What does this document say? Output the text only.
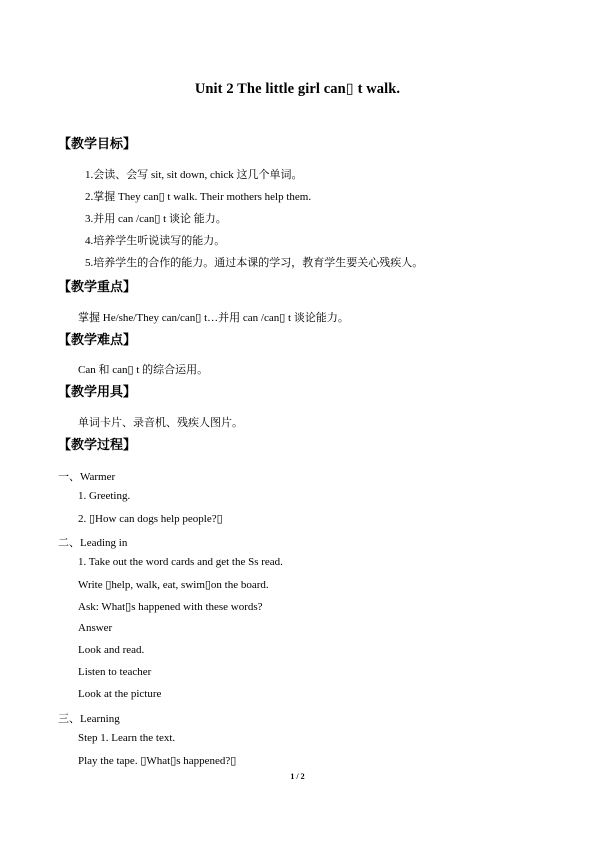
Unit 2 The little girl can▯ t walk.
【教学目标】
1.会读、会写 sit, sit down, chick 这几个单词。
2.掌握 They can▯ t walk. Their mothers help them.
3.并用 can /can▯ t 谈论 能力。
4.培养学生听说读写的能力。
5.培养学生的合作的能力。通过本课的学习，教育学生要关心残疾人。
【教学重点】
掌握 He/she/They can/can▯ t…并用 can /can▯ t 谈论能力。
【教学难点】
Can 和 can▯ t 的综合运用。
【教学用具】
单词卡片、录音机、残疾人图片。
【教学过程】
一、Warmer
1. Greeting.
2. ▯How can dogs help people?▯
二、Leading in
1. Take out the word cards and get the Ss read.
Write ▯help, walk, eat, swim▯on the board.
Ask: What▯s happened with these words?
Answer
Look and read.
Listen to teacher
Look at the picture
三、Learning
Step 1. Learn the text.
Play the tape. ▯What▯s happened?▯
1 / 2
